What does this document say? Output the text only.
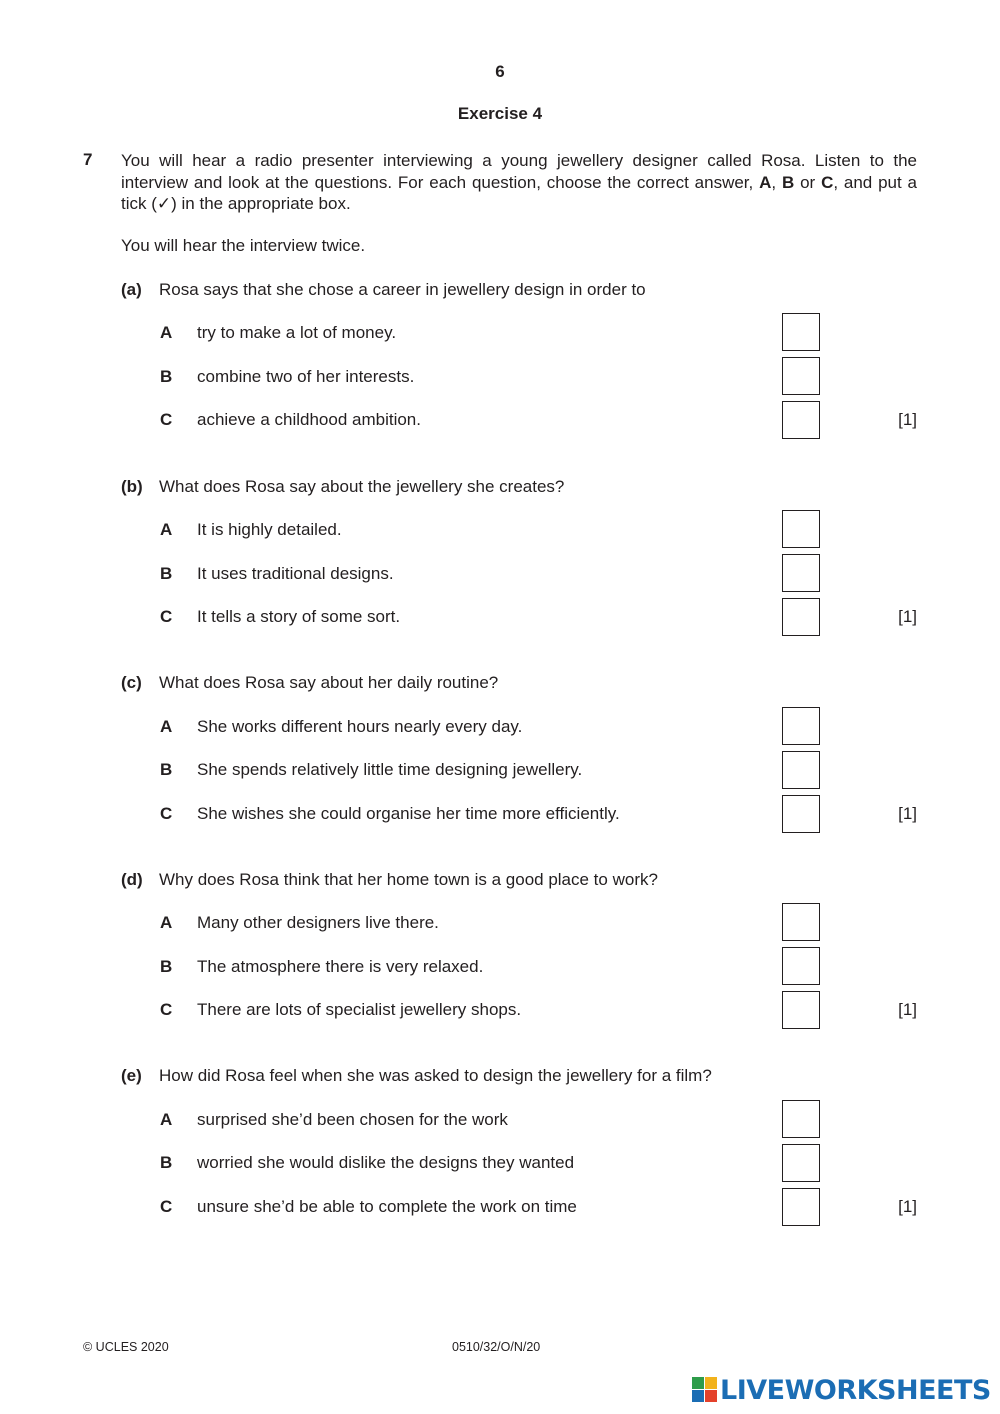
6
Exercise 4
7 You will hear a radio presenter interviewing a young jewellery designer called Rosa. Listen to the interview and look at the questions. For each question, choose the correct answer, A, B or C, and put a tick (✓) in the appropriate box.
You will hear the interview twice.
(a) Rosa says that she chose a career in jewellery design in order to
A try to make a lot of money.
B combine two of her interests.
C achieve a childhood ambition.	[1]
(b) What does Rosa say about the jewellery she creates?
A It is highly detailed.
B It uses traditional designs.
C It tells a story of some sort.	[1]
(c) What does Rosa say about her daily routine?
A She works different hours nearly every day.
B She spends relatively little time designing jewellery.
C She wishes she could organise her time more efficiently.	[1]
(d) Why does Rosa think that her home town is a good place to work?
A Many other designers live there.
B The atmosphere there is very relaxed.
C There are lots of specialist jewellery shops.	[1]
(e) How did Rosa feel when she was asked to design the jewellery for a film?
A surprised she’d been chosen for the work
B worried she would dislike the designs they wanted
C unsure she’d be able to complete the work on time	[1]
© UCLES 2020	0510/32/O/N/20
LIVEWORKSHEETS
